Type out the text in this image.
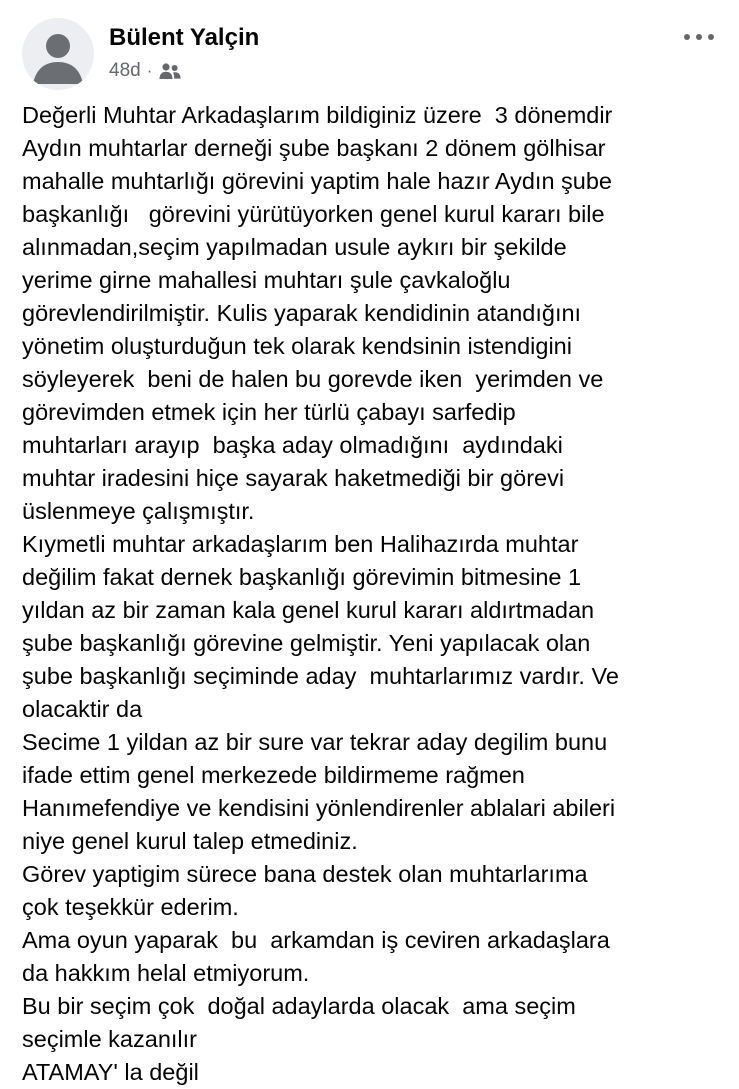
Bülent Yalçin
48d ·
Değerli Muhtar Arkadaşlarım bildiginiz üzere  3 dönemdir
Aydın muhtarlar derneği şube başkanı 2 dönem gölhisar
mahalle muhtarlığı görevini yaptim hale hazır Aydın şube
başkanlığı   görevini yürütüyorken genel kurul kararı bile
alınmadan,seçim yapılmadan usule aykırı bir şekilde
yerime girne mahallesi muhtarı şule çavkaloğlu
görevlendirilmiştir. Kulis yaparak kendidinin atandığını
yönetim oluşturduğun tek olarak kendsinin istendigini
söyleyerek  beni de halen bu gorevde iken  yerimden ve
görevimden etmek için her türlü çabayı sarfedip
muhtarları arayıp  başka aday olmadığını  aydındaki
muhtar iradesini hiçe sayarak haketmediği bir görevi
üslenmeye çalışmıştır.
Kıymetli muhtar arkadaşlarım ben Halihazırda muhtar
değilim fakat dernek başkanlığı görevimin bitmesine 1
yıldan az bir zaman kala genel kurul kararı aldırtmadan
şube başkanlığı görevine gelmiştir. Yeni yapılacak olan
şube başkanlığı seçiminde aday  muhtarlarımız vardır. Ve
olacaktir da
Secime 1 yildan az bir sure var tekrar aday degilim bunu
ifade ettim genel merkezede bildirmeme rağmen
Hanımefendiye ve kendisini yönlendirenler ablalari abileri
niye genel kurul talep etmediniz.
Görev yaptigim sürece bana destek olan muhtarlarıma
çok teşekkür ederim.
Ama oyun yaparak  bu  arkamdan iş ceviren arkadaşlara
da hakkım helal etmiyorum.
Bu bir seçim çok  doğal adaylarda olacak  ama seçim
seçimle kazanılır
ATAMAY' la değil
